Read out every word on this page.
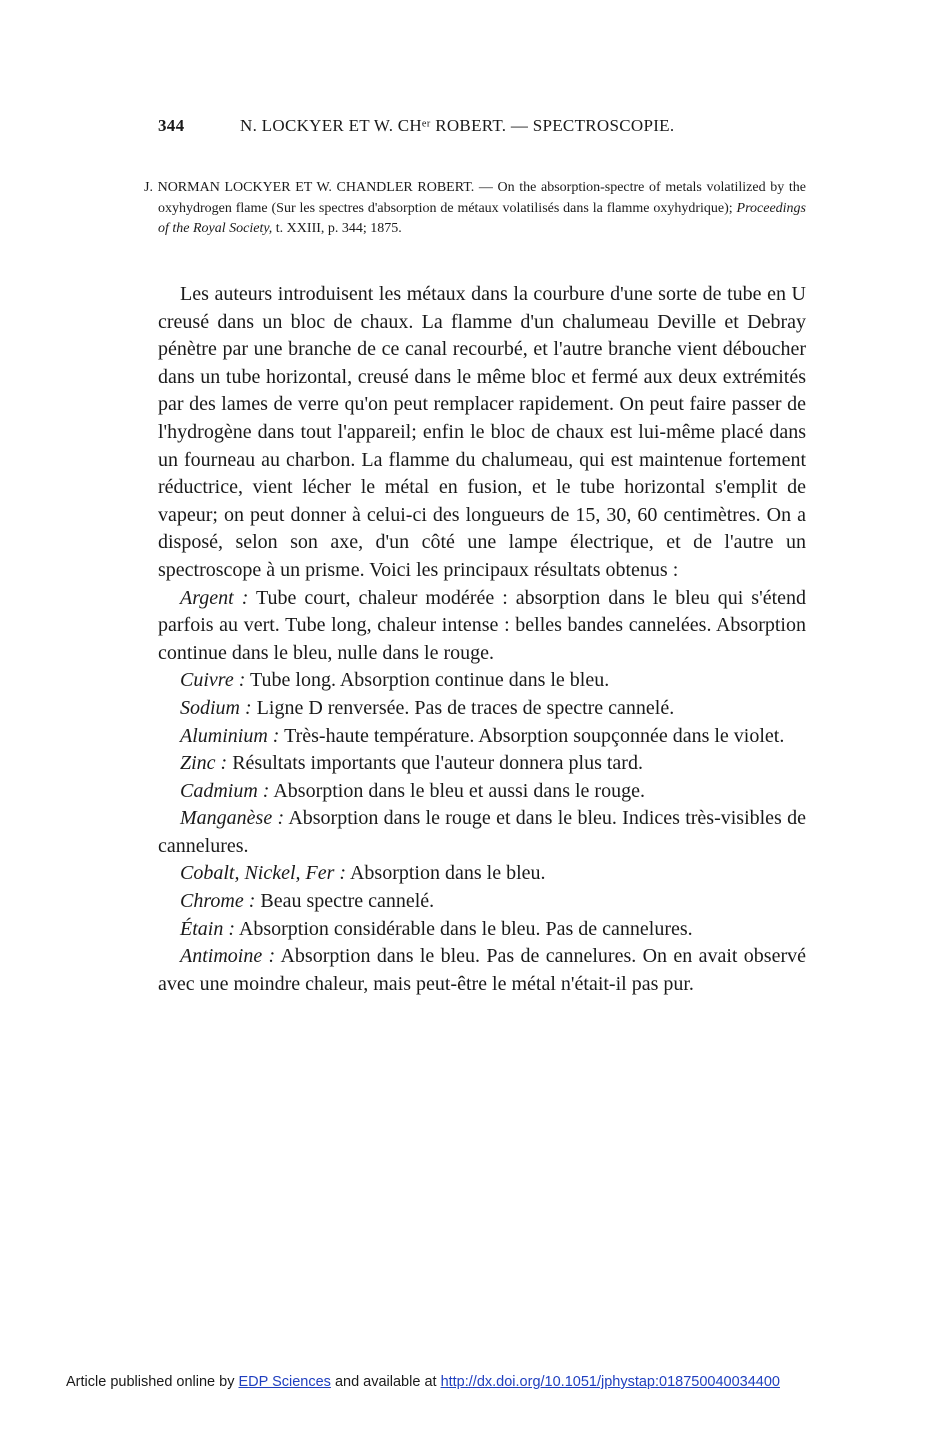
344	N. LOCKYER ET W. CHᵉʳ ROBERT. — SPECTROSCOPIE.
J. NORMAN LOCKYER ET W. CHANDLER ROBERT. — On the absorption-spectre of metals volatilized by the oxyhydrogen flame (Sur les spectres d'absorption de métaux volatilisés dans la flamme oxyhydrique); Proceedings of the Royal Society, t. XXIII, p. 344; 1875.

Les auteurs introduisent les métaux dans la courbure d'une sorte de tube en U creusé dans un bloc de chaux. La flamme d'un chalumeau Deville et Debray pénètre par une branche de ce canal recourbé, et l'autre branche vient déboucher dans un tube horizontal, creusé dans le même bloc et fermé aux deux extrémités par des lames de verre qu'on peut remplacer rapidement. On peut faire passer de l'hydrogène dans tout l'appareil; enfin le bloc de chaux est lui-même placé dans un fourneau au charbon. La flamme du chalumeau, qui est maintenue fortement réductrice, vient lécher le métal en fusion, et le tube horizontal s'emplit de vapeur; on peut donner à celui-ci des longueurs de 15, 30, 60 centimètres. On a disposé, selon son axe, d'un côté une lampe électrique, et de l'autre un spectroscope à un prisme. Voici les principaux résultats obtenus :

Argent : Tube court, chaleur modérée : absorption dans le bleu qui s'étend parfois au vert. Tube long, chaleur intense : belles bandes cannelées. Absorption continue dans le bleu, nulle dans le rouge.

Cuivre : Tube long. Absorption continue dans le bleu.

Sodium : Ligne D renversée. Pas de traces de spectre cannelé.

Aluminium : Très-haute température. Absorption soupçonnée dans le violet.

Zinc : Résultats importants que l'auteur donnera plus tard.

Cadmium : Absorption dans le bleu et aussi dans le rouge.

Manganèse : Absorption dans le rouge et dans le bleu. Indices très-visibles de cannelures.

Cobalt, Nickel, Fer : Absorption dans le bleu.

Chrome : Beau spectre cannelé.

Étain : Absorption considérable dans le bleu. Pas de cannelures.

Antimoine : Absorption dans le bleu. Pas de cannelures. On en avait observé avec une moindre chaleur, mais peut-être le métal n'était-il pas pur.

Article published online by EDP Sciences and available at http://dx.doi.org/10.1051/jphystap:018750040034400
